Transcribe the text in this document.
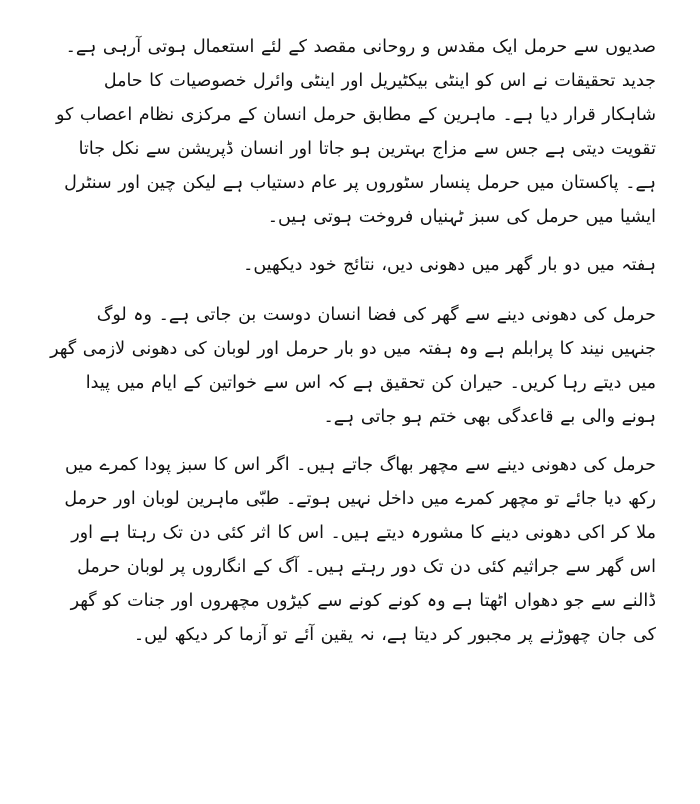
صدیوں سے حرمل ایک مقدس و روحانی مقصد کے لئے استعمال ہوتی آرہی ہے۔ جدید تحقیقات نے اس کو اینٹی بیکٹیریل اور اینٹی وائرل خصوصیات کا حامل شاہکار قرار دیا ہے۔ ماہرین کے مطابق حرمل انسان کے مرکزی نظام اعصاب کو تقویت دیتی ہے جس سے مزاج بہترین ہو جاتا اور انسان ڈپریشن سے نکل جاتا ہے۔ پاکستان میں حرمل پنسار سٹوروں پر عام دستیاب ہے لیکن چین اور سنٹرل ایشیا میں حرمل کی سبز ٹہنیاں فروخت ہوتی ہیں۔

ہفتہ میں دو بار گھر میں دھونی دیں، نتائج خود دیکھیں۔

حرمل کی دھونی دینے سے گھر کی فضا انسان دوست بن جاتی ہے۔ وہ لوگ جنہیں نیند کا پرابلم ہے وہ ہفتہ میں دو بار حرمل اور لوبان کی دھونی لازمی گھر میں دیتے رہا کریں۔ حیران کن تحقیق ہے کہ اس سے خواتین کے ایام میں پیدا ہونے والی بے قاعدگی بھی ختم ہو جاتی ہے۔

حرمل کی دھونی دینے سے مچھر بھاگ جاتے ہیں۔ اگر اس کا سبز پودا کمرے میں رکھ دیا جائے تو مچھر کمرے میں داخل نہیں ہوتے۔ طبّی ماہرین لوبان اور حرمل ملا کر اکی دھونی دینے کا مشورہ دیتے ہیں۔ اس کا اثر کئی دن تک رہتا ہے اور اس گھر سے جراثیم کئی دن تک دور رہتے ہیں۔ آگ کے انگاروں پر لوبان حرمل ڈالنے سے جو دھواں اٹھتا ہے وہ کونے کونے سے کیڑوں مچھروں اور جنات کو گھر کی جان چھوڑنے پر مجبور کر دیتا ہے، نہ یقین آئے تو آزما کر دیکھ لیں۔
